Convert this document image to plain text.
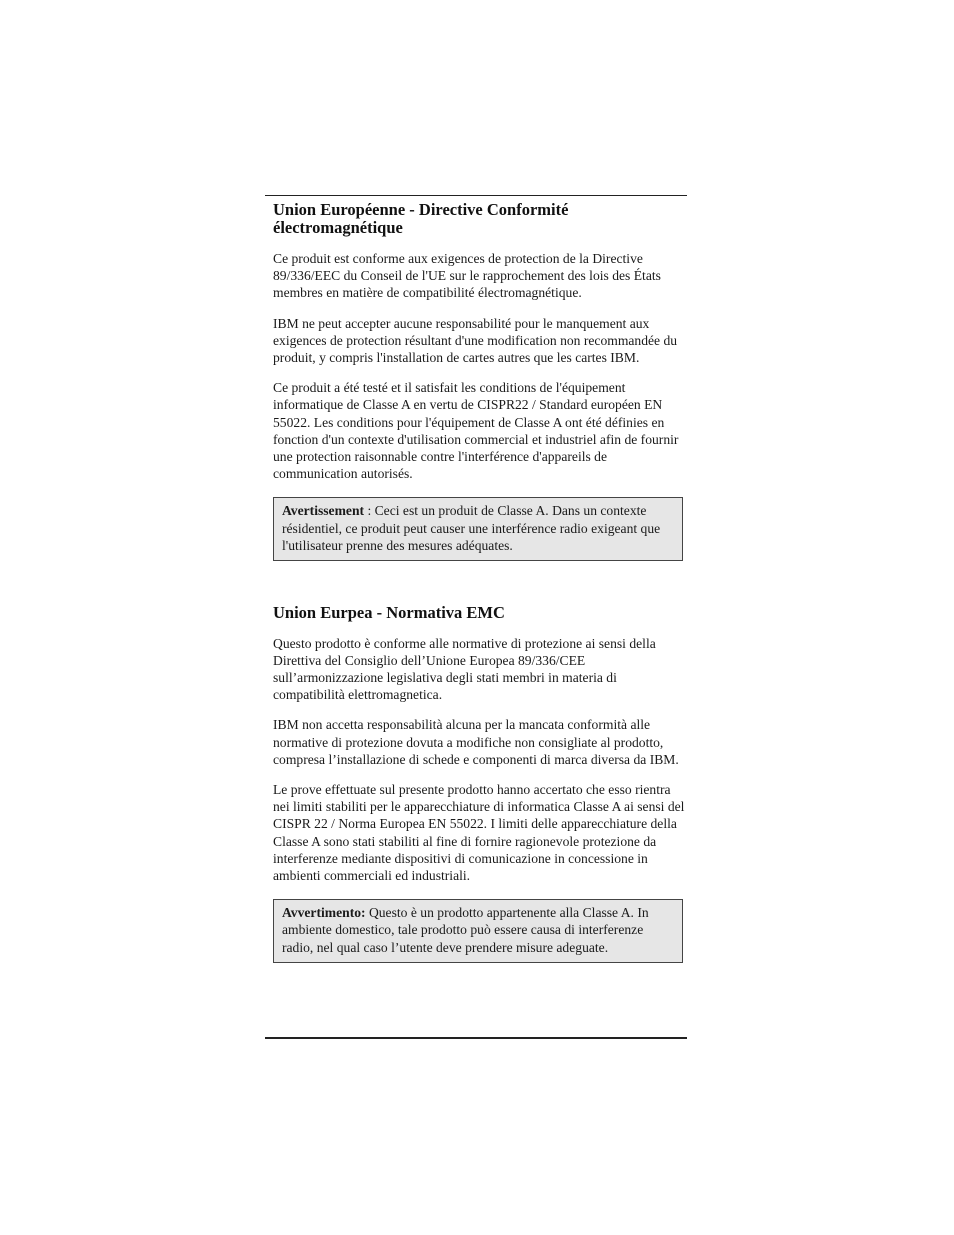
Union Européenne - Directive Conformité électromagnétique

Ce produit est conforme aux exigences de protection de la Directive 89/336/EEC du Conseil de l'UE sur le rapprochement des lois des États membres en matière de compatibilité électromagnétique.

IBM ne peut accepter aucune responsabilité pour le manquement aux exigences de protection résultant d'une modification non recommandée du produit, y compris l'installation de cartes autres que les cartes IBM.

Ce produit a été testé et il satisfait les conditions de l'équipement informatique de Classe A en vertu de CISPR22 / Standard européen EN 55022. Les conditions pour l'équipement de Classe A ont été définies en fonction d'un contexte d'utilisation commercial et industriel afin de fournir une protection raisonnable contre l'interférence d'appareils de communication autorisés.

Avertissement : Ceci est un produit de Classe A. Dans un contexte résidentiel, ce produit peut causer une interférence radio exigeant que l'utilisateur prenne des mesures adéquates.

Union Eurpea - Normativa EMC

Questo prodotto è conforme alle normative di protezione ai sensi della Direttiva del Consiglio dell’Unione Europea 89/336/CEE sull’armonizzazione legislativa degli stati membri in materia di compatibilità elettromagnetica.

IBM non accetta responsabilità alcuna per la mancata conformità alle normative di protezione dovuta a modifiche non consigliate al prodotto, compresa l’installazione di schede e componenti di marca diversa da IBM.

Le prove effettuate sul presente prodotto hanno accertato che esso rientra nei limiti stabiliti per le apparecchiature di informatica Classe A ai sensi del CISPR 22 / Norma Europea EN 55022. I limiti delle apparecchiature della Classe A sono stati stabiliti al fine di fornire ragionevole protezione da interferenze mediante dispositivi di comunicazione in concessione in ambienti commerciali ed industriali.

Avvertimento: Questo è un prodotto appartenente alla Classe A. In ambiente domestico, tale prodotto può essere causa di interferenze radio, nel qual caso l’utente deve prendere misure adeguate.
